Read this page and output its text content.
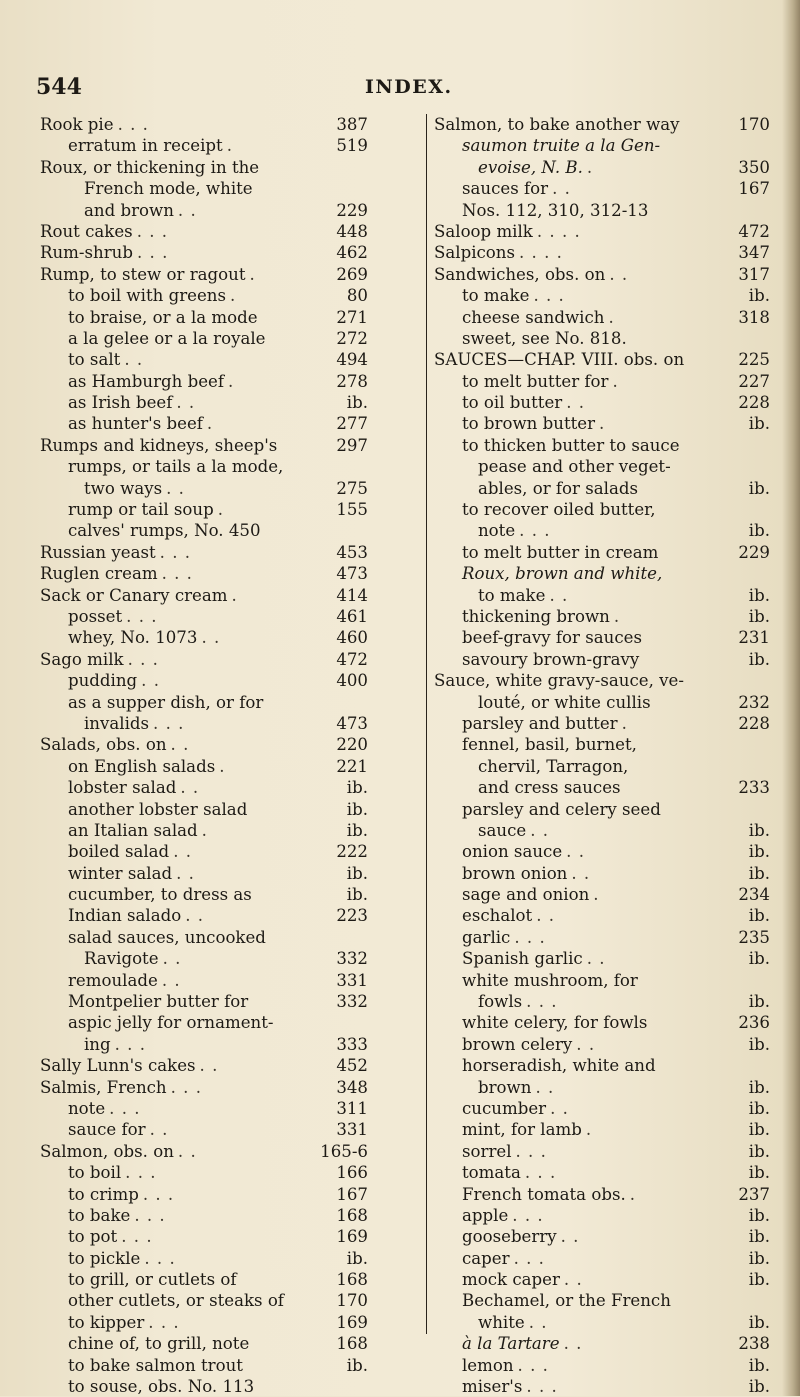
544	INDEX.
Rook pie . . .	387
erratum in receipt .	519
Roux, or thickening in the
French mode, white
and brown . .	229
Rout cakes . . .	448
Rum-shrub . . .	462
Rump, to stew or ragout .	269
to boil with greens .	80
to braise, or a la mode	271
a la gelee or a la royale	272
to salt . .	494
as Hamburgh beef .	278
as Irish beef . .	ib.
as hunter's beef .	277
Rumps and kidneys, sheep's	297
rumps, or tails a la mode,
two ways . .	275
rump or tail soup .	155
calves' rumps, No. 450
Russian yeast . . .	453
Ruglen cream . . .	473
Sack or Canary cream .	414
posset . . .	461
whey, No. 1073 . .	460
Sago milk . . .	472
pudding . .	400
as a supper dish, or for
invalids . . .	473
Salads, obs. on . .	220
on English salads .	221
lobster salad . .	ib.
another lobster salad	ib.
an Italian salad .	ib.
boiled salad . .	222
winter salad . .	ib.
cucumber, to dress as	ib.
Indian salado . .	223
salad sauces, uncooked
Ravigote . .	332
remoulade . .	331
Montpelier butter for	332
aspic jelly for ornament-
ing . . .	333
Sally Lunn's cakes . .	452
Salmis, French . . .	348
note . . .	311
sauce for . .	331
Salmon, obs. on . .	165-6
to boil . . .	166
to crimp . . .	167
to bake . . .	168
to pot . . .	169
to pickle . . .	ib.
to grill, or cutlets of	168
other cutlets, or steaks of	170
to kipper . . .	169
chine of, to grill, note	168
to bake salmon trout	ib.
to souse, obs. No. 113
Salmon, to bake another way	170
saumon truite a la Gen-
evoise, N. B. .	350
sauces for . .	167
Nos. 112, 310, 312-13
Saloop milk . . . .	472
Salpicons . . . .	347
Sandwiches, obs. on . .	317
to make . . .	ib.
cheese sandwich .	318
sweet, see No. 818.
SAUCES—CHAP. VIII. obs. on	225
to melt butter for .	227
to oil butter . .	228
to brown butter .	ib.
to thicken butter to sauce
pease and other veget-
ables, or for salads	ib.
to recover oiled butter,
note . . .	ib.
to melt butter in cream	229
Roux, brown and white,
to make . .	ib.
thickening brown .	ib.
beef-gravy for sauces	231
savoury brown-gravy	ib.
Sauce, white gravy-sauce, ve-
louté, or white cullis	232
parsley and butter .	228
fennel, basil, burnet,
chervil, Tarragon,
and cress sauces	233
parsley and celery seed
sauce . .	ib.
onion sauce . .	ib.
brown onion . .	ib.
sage and onion .	234
eschalot . .	ib.
garlic . . .	235
Spanish garlic . .	ib.
white mushroom, for
fowls . . .	ib.
white celery, for fowls	236
brown celery . .	ib.
horseradish, white and
brown . .	ib.
cucumber . .	ib.
mint, for lamb .	ib.
sorrel . . .	ib.
tomata . . .	ib.
French tomata obs. .	237
apple . . .	ib.
gooseberry . .	ib.
caper . . .	ib.
mock caper . .	ib.
Bechamel, or the French
white . .	ib.
à la Tartare . .	238
lemon . . .	ib.
miser's . . .	ib.
